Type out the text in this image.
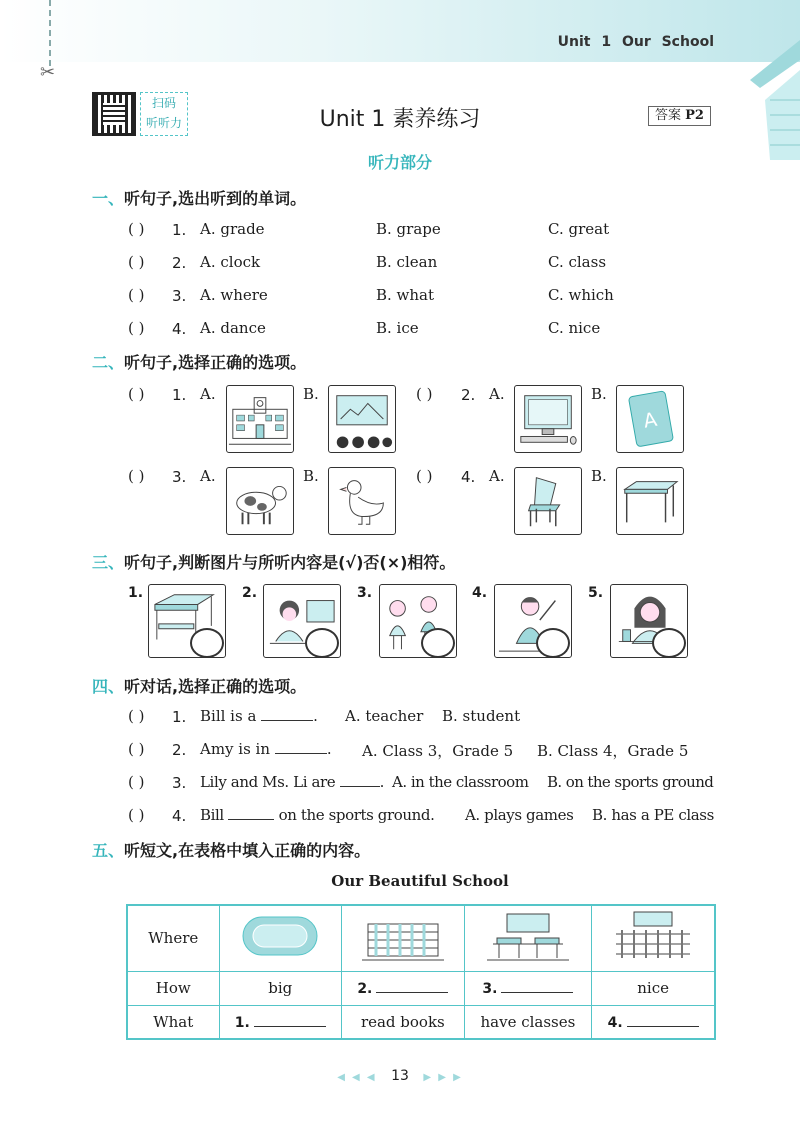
✂
Unit 1 Our School
扫码
听听力	Unit 1 素养练习	答案 P2
听力部分
一、听句子,选出听到的单词。
( ) 1. A. grade	B. grape	C. great
( ) 2. A. clock	B. clean	C. class
( ) 3. A. where	B. what	C. which
( ) 4. A. dance	B. ice	C. nice
二、听句子,选择正确的选项。
( ) 1. A.	B.	( ) 2. A.	B.
A
( ) 3. A.	B.	( ) 4. A.	B.
三、听句子,判断图片与所听内容是(√)否(×)相符。
1.	2.	3.	4.	5.
四、听对话,选择正确的选项。
( ) 1. Bill is a	. A. teacher B. student
( ) 2. Amy is in	. A. Class 3，Grade 5 B. Class 4，Grade 5
( ) 3. Lily and Ms. Li are	. A. in the classroom B. on the sports ground
( ) 4. Bill	on the sports ground. A. plays games B. has a PE class
五、听短文,在表格中填入正确的内容。
Our Beautiful School
Where				
How	big	2.	3.	nice
What	1.	read books	have classes	4.
◀ ◀ ◀ 13 ▶ ▶ ▶
